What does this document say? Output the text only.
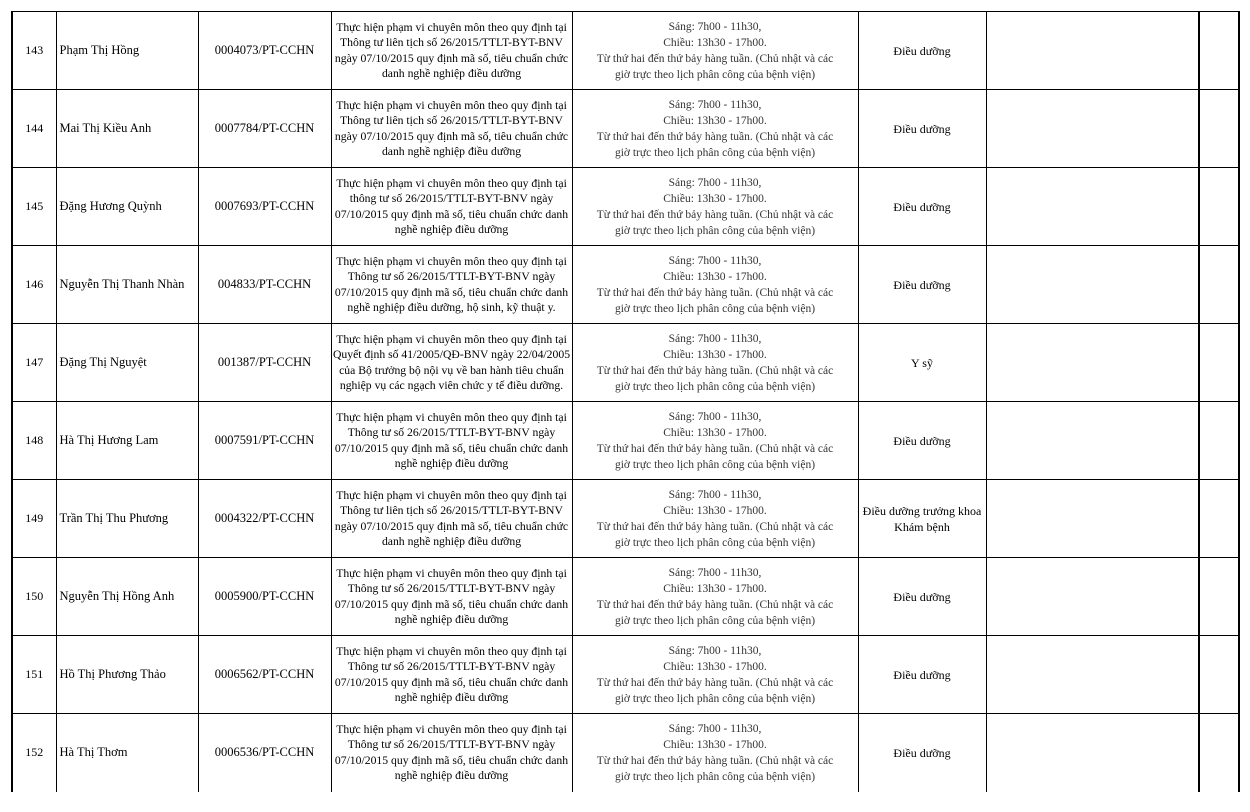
143	Phạm Thị Hồng	0004073/PT-CCHN	Thực hiện phạm vi chuyên môn theo quy định tại Thông tư liên tịch số 26/2015/TTLT-BYT-BNV ngày 07/10/2015 quy định mã số, tiêu chuẩn chức danh nghề nghiệp điều dưỡng	Sáng: 7h00 - 11h30,
Chiều: 13h30 - 17h00.
Từ thứ hai đến thứ bảy hàng tuần. (Chủ nhật và các
giờ trực theo lịch phân công của bệnh viện)	Điều dưỡng		
144	Mai Thị Kiều Anh	0007784/PT-CCHN	Thực hiện phạm vi chuyên môn theo quy định tại Thông tư liên tịch số 26/2015/TTLT-BYT-BNV ngày 07/10/2015 quy định mã số, tiêu chuẩn chức danh nghề nghiệp điều dưỡng	Sáng: 7h00 - 11h30,
Chiều: 13h30 - 17h00.
Từ thứ hai đến thứ bảy hàng tuần. (Chủ nhật và các
giờ trực theo lịch phân công của bệnh viện)	Điều dưỡng		
145	Đặng Hương Quỳnh	0007693/PT-CCHN	Thực hiện phạm vi chuyên môn theo quy định tại thông tư số 26/2015/TTLT-BYT-BNV ngày 07/10/2015 quy định mã số, tiêu chuẩn chức danh nghề nghiệp điều dưỡng	Sáng: 7h00 - 11h30,
Chiều: 13h30 - 17h00.
Từ thứ hai đến thứ bảy hàng tuần. (Chủ nhật và các
giờ trực theo lịch phân công của bệnh viện)	Điều dưỡng		
146	Nguyễn Thị Thanh Nhàn	004833/PT-CCHN	Thực hiện phạm vi chuyên môn theo quy định tại Thông tư số 26/2015/TTLT-BYT-BNV ngày 07/10/2015 quy định mã số, tiêu chuẩn chức danh nghề nghiệp điều dưỡng, hộ sinh, kỹ thuật y.	Sáng: 7h00 - 11h30,
Chiều: 13h30 - 17h00.
Từ thứ hai đến thứ bảy hàng tuần. (Chủ nhật và các
giờ trực theo lịch phân công của bệnh viện)	Điều dưỡng		
147	Đặng Thị Nguyệt	001387/PT-CCHN	Thực hiện phạm vi chuyên môn theo quy định tại Quyết định số 41/2005/QĐ-BNV ngày 22/04/2005 của Bộ trưởng bộ nội vụ về ban hành tiêu chuẩn nghiệp vụ các ngạch viên chức y tế điều dưỡng.	Sáng: 7h00 - 11h30,
Chiều: 13h30 - 17h00.
Từ thứ hai đến thứ bảy hàng tuần. (Chủ nhật và các
giờ trực theo lịch phân công của bệnh viện)	Y sỹ		
148	Hà Thị Hương Lam	0007591/PT-CCHN	Thực hiện phạm vi chuyên môn theo quy định tại Thông tư số 26/2015/TTLT-BYT-BNV ngày 07/10/2015 quy định mã số, tiêu chuẩn chức danh nghề nghiệp điều dưỡng	Sáng: 7h00 - 11h30,
Chiều: 13h30 - 17h00.
Từ thứ hai đến thứ bảy hàng tuần. (Chủ nhật và các
giờ trực theo lịch phân công của bệnh viện)	Điều dưỡng		
149	Trần Thị Thu Phương	0004322/PT-CCHN	Thực hiện phạm vi chuyên môn theo quy định tại Thông tư liên tịch số 26/2015/TTLT-BYT-BNV ngày 07/10/2015 quy định mã số, tiêu chuẩn chức danh nghề nghiệp điều dưỡng	Sáng: 7h00 - 11h30,
Chiều: 13h30 - 17h00.
Từ thứ hai đến thứ bảy hàng tuần. (Chủ nhật và các
giờ trực theo lịch phân công của bệnh viện)	Điều dưỡng trưởng khoa Khám bệnh		
150	Nguyễn Thị Hồng Anh	0005900/PT-CCHN	Thực hiện phạm vi chuyên môn theo quy định tại Thông tư số 26/2015/TTLT-BYT-BNV ngày 07/10/2015 quy định mã số, tiêu chuẩn chức danh nghề nghiệp điều dưỡng	Sáng: 7h00 - 11h30,
Chiều: 13h30 - 17h00.
Từ thứ hai đến thứ bảy hàng tuần. (Chủ nhật và các
giờ trực theo lịch phân công của bệnh viện)	Điều dưỡng		
151	Hồ Thị Phương Thảo	0006562/PT-CCHN	Thực hiện phạm vi chuyên môn theo quy định tại Thông tư số 26/2015/TTLT-BYT-BNV ngày 07/10/2015 quy định mã số, tiêu chuẩn chức danh nghề nghiệp điều dưỡng	Sáng: 7h00 - 11h30,
Chiều: 13h30 - 17h00.
Từ thứ hai đến thứ bảy hàng tuần. (Chủ nhật và các
giờ trực theo lịch phân công của bệnh viện)	Điều dưỡng		
152	Hà Thị Thơm	0006536/PT-CCHN	Thực hiện phạm vi chuyên môn theo quy định tại Thông tư số 26/2015/TTLT-BYT-BNV ngày 07/10/2015 quy định mã số, tiêu chuẩn chức danh nghề nghiệp điều dưỡng	Sáng: 7h00 - 11h30,
Chiều: 13h30 - 17h00.
Từ thứ hai đến thứ bảy hàng tuần. (Chủ nhật và các
giờ trực theo lịch phân công của bệnh viện)	Điều dưỡng		
